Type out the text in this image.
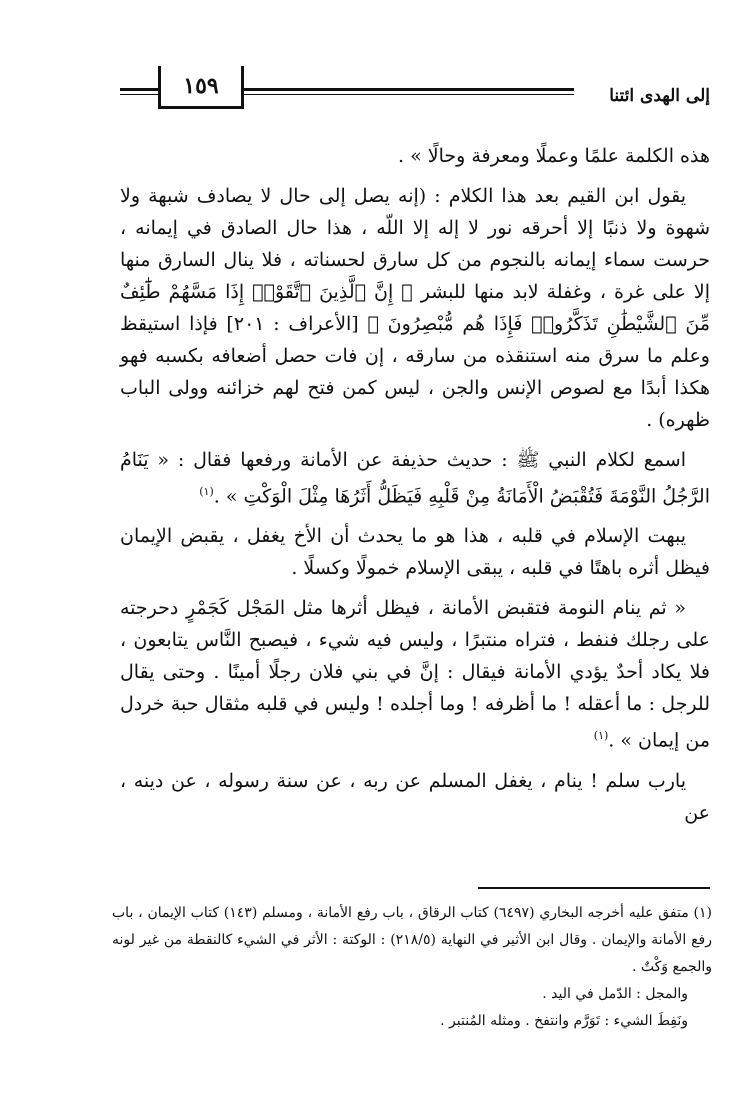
١٥٩	إلى الهدى ائتنا

هذه الكلمة علمًا وعملًا ومعرفة وحالًا » .

يقول ابن القيم بعد هذا الكلام : (إنه يصل إلى حال لا يصادف شبهة ولا شهوة ولا ذنبًا إلا أحرقه نور لا إله إلا اللّه ، هذا حال الصادق في إيمانه ، حرست سماء إيمانه بالنجوم من كل سارق لحسناته ، فلا ينال السارق منها إلا على غرة ، وغفلة لابد منها للبشر ﴿ إِنَّ ٱلَّذِينَ ٱتَّقَوْا۟ إِذَا مَسَّهُمْ طَٰٓئِفٌ مِّنَ ٱلشَّيْطَٰنِ تَذَكَّرُوا۟ فَإِذَا هُم مُّبْصِرُونَ ﴾ [الأعراف : ٢٠١] فإذا استيقظ وعلم ما سرق منه استنقذه من سارقه ، إن فات حصل أضعافه بكسبه فهو هكذا أبدًا مع لصوص الإنس والجن ، ليس كمن فتح لهم خزائنه وولى الباب ظهره) .

اسمع لكلام النبي ﷺ : حديث حذيفة عن الأمانة ورفعها فقال : « يَنَامُ الرَّجُلُ النَّوْمَةَ فَتُقْبَضُ الْأَمَانَةُ مِنْ قَلْبِهِ فَيَظَلُّ أَثَرُهَا مِثْلَ الْوَكْتِ » .$^{(١)}$

يبهت الإسلام في قلبه ، هذا هو ما يحدث أن الأخ يغفل ، يقبض الإيمان فيظل أثره باهتًا في قلبه ، يبقى الإسلام خمولًا وكسلًا .

« ثم ينام النومة فتقبض الأمانة ، فيظل أثرها مثل المَجْل كَجَمْرٍ دحرجته على رجلك فنفط ، فتراه منتبرًا ، وليس فيه شيء ، فيصبح النَّاس يتابعون ، فلا يكاد أحدٌ يؤدي الأمانة فيقال : إنَّ في بني فلان رجلًا أمينًا . وحتى يقال للرجل : ما أعقله ! ما أظرفه ! وما أجلده ! وليس في قلبه مثقال حبة خردل من إيمان » .$^{(١)}$

يارب سلم ! ينام ، يغفل المسلم عن ربه ، عن سنة رسوله ، عن دينه ، عن

(١) متفق عليه أخرجه البخاري (٦٤٩٧) كتاب الرقاق ، باب رفع الأمانة ، ومسلم (١٤٣) كتاب الإيمان ، باب رفع الأمانة والإيمان . وقال ابن الأثير في النهاية (٢١٨/٥) : الوكتة : الأثر في الشيء كالنقطة من غير لونه والجمع وَكْتٌ .

والمجل : الدّمل في اليد .

ونَفِطَ الشيء : تَوَرَّم وانتفخ . ومثله المُنتبر .
